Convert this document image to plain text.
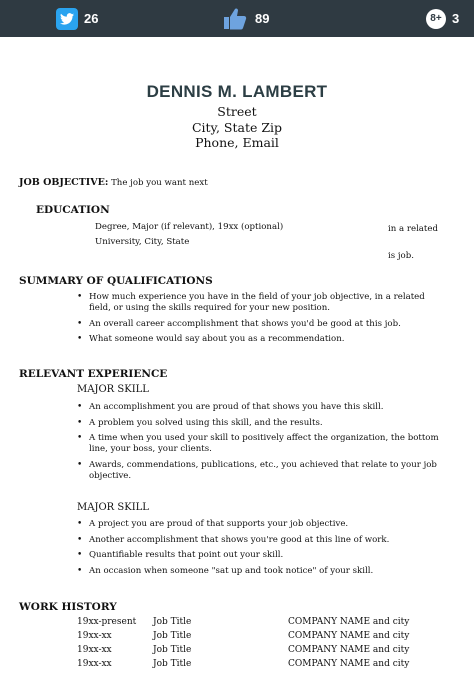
26	89	8+ 3
DENNIS M. LAMBERT
Street
City, State Zip
Phone, Email
JOB OBJECTIVE: The job you want next
EDUCATION
Degree, Major (if relevant), 19xx (optional)
University, City, State
in a related
is job.
SUMMARY OF QUALIFICATIONS
• How much experience you have in the field of your job objective, in a related field, or using the skills required for your new position.
• An overall career accomplishment that shows you'd be good at this job.
• What someone would say about you as a recommendation.
RELEVANT EXPERIENCE
MAJOR SKILL
• An accomplishment you are proud of that shows you have this skill.
• A problem you solved using this skill, and the results.
• A time when you used your skill to positively affect the organization, the bottom line, your boss, your clients.
• Awards, commendations, publications, etc., you achieved that relate to your job objective.
MAJOR SKILL
• A project you are proud of that supports your job objective.
• Another accomplishment that shows you're good at this line of work.
• Quantifiable results that point out your skill.
• An occasion when someone "sat up and took notice" of your skill.
WORK HISTORY
19xx-present Job Title	COMPANY NAME and city
19xx-xx	Job Title	COMPANY NAME and city
19xx-xx	Job Title	COMPANY NAME and city
19xx-xx	Job Title	COMPANY NAME and city
